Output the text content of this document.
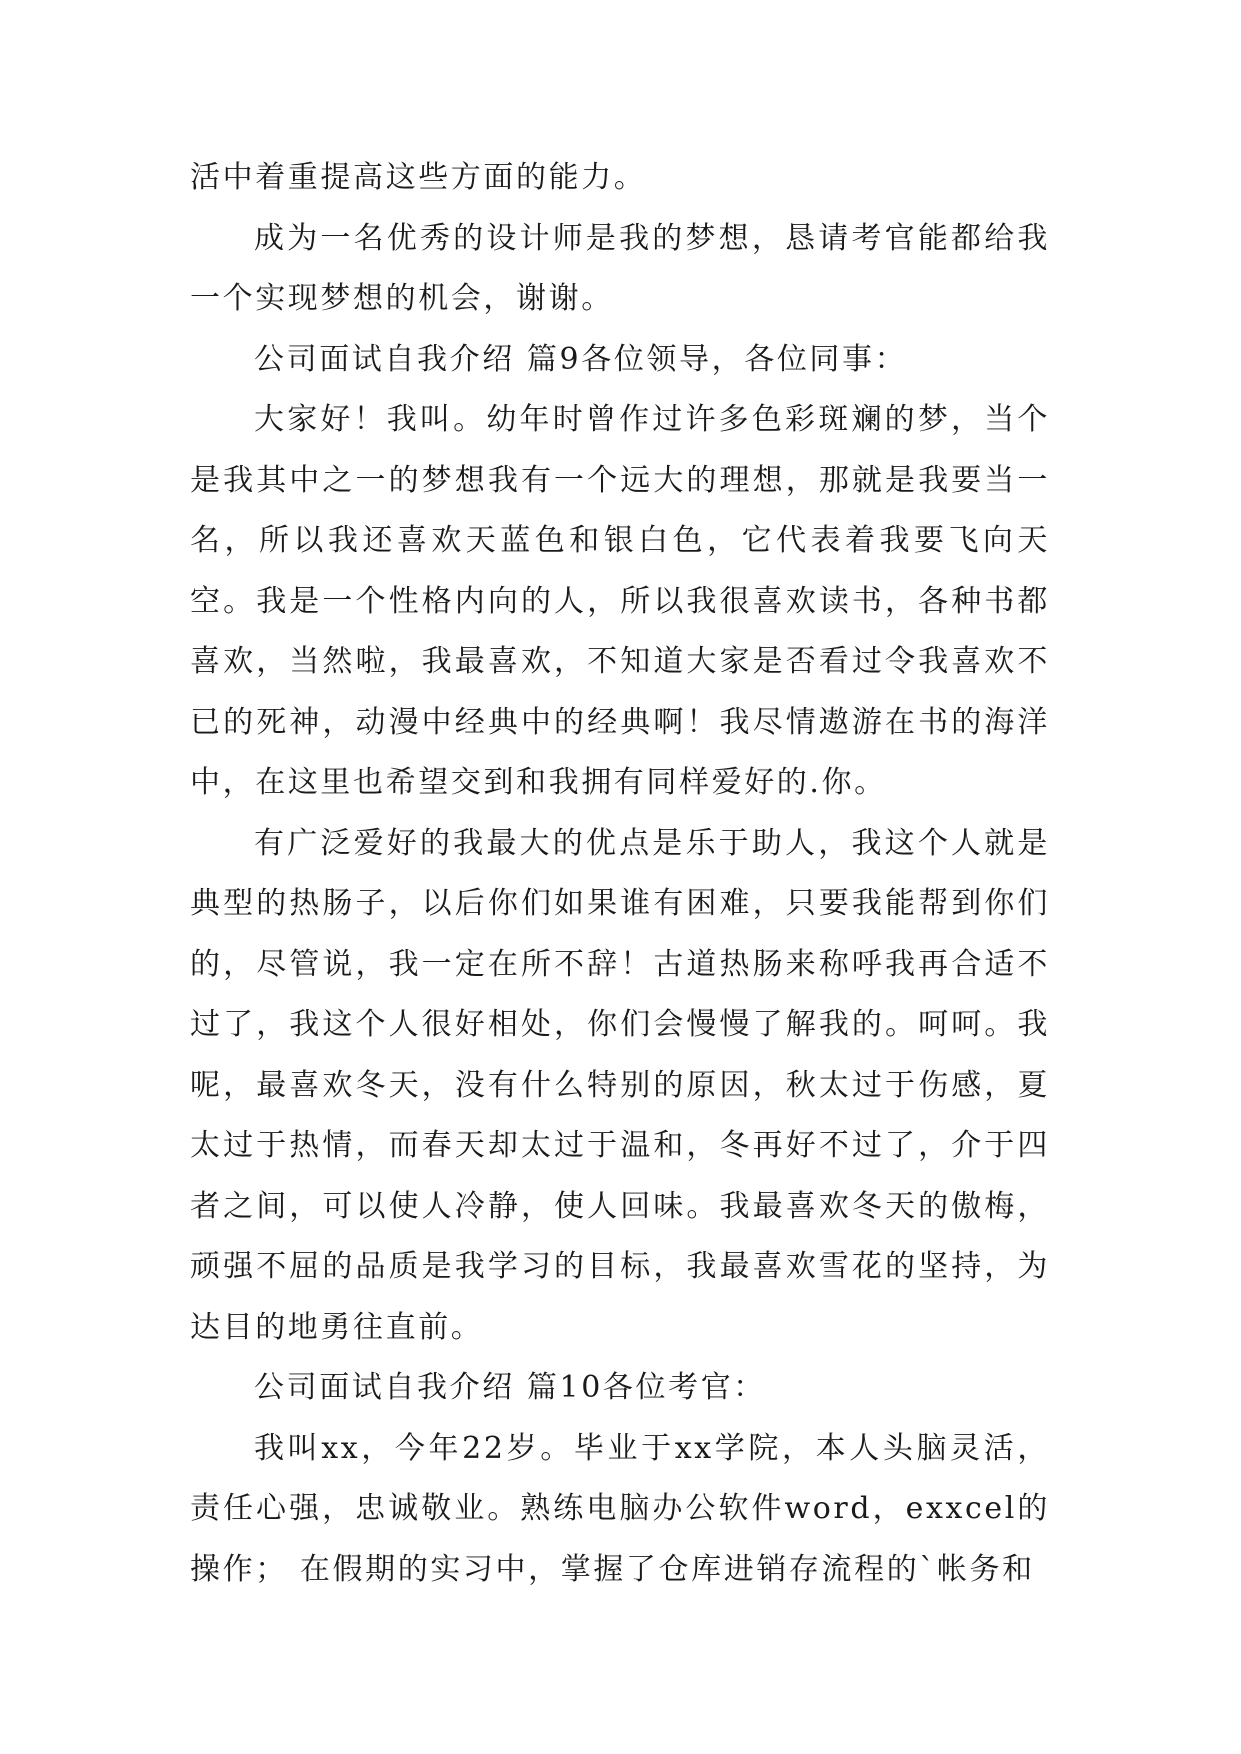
活中着重提高这些方面的能力。

成为一名优秀的设计师是我的梦想，恳请考官能都给我一个实现梦想的机会，谢谢。

公司面试自我介绍 篇9各位领导，各位同事：

大家好！我叫。幼年时曾作过许多色彩斑斓的梦，当个是我其中之一的梦想我有一个远大的理想，那就是我要当一名，所以我还喜欢天蓝色和银白色，它代表着我要飞向天空。我是一个性格内向的人，所以我很喜欢读书，各种书都喜欢，当然啦，我最喜欢，不知道大家是否看过令我喜欢不已的死神，动漫中经典中的经典啊！我尽情遨游在书的海洋中，在这里也希望交到和我拥有同样爱好的.你。

有广泛爱好的我最大的优点是乐于助人，我这个人就是典型的热肠子，以后你们如果谁有困难，只要我能帮到你们的，尽管说，我一定在所不辞！古道热肠来称呼我再合适不过了，我这个人很好相处，你们会慢慢了解我的。呵呵。我呢，最喜欢冬天，没有什么特别的原因，秋太过于伤感，夏太过于热情，而春天却太过于温和，冬再好不过了，介于四者之间，可以使人冷静，使人回味。我最喜欢冬天的傲梅，顽强不屈的品质是我学习的目标，我最喜欢雪花的坚持，为达目的地勇往直前。

公司面试自我介绍 篇10各位考官：

我叫xx，今年22岁。毕业于xx学院，本人头脑灵活，责任心强，忠诚敬业。熟练电脑办公软件word，exxcel的操作； 在假期的实习中，掌握了仓库进销存流程的`帐务和
